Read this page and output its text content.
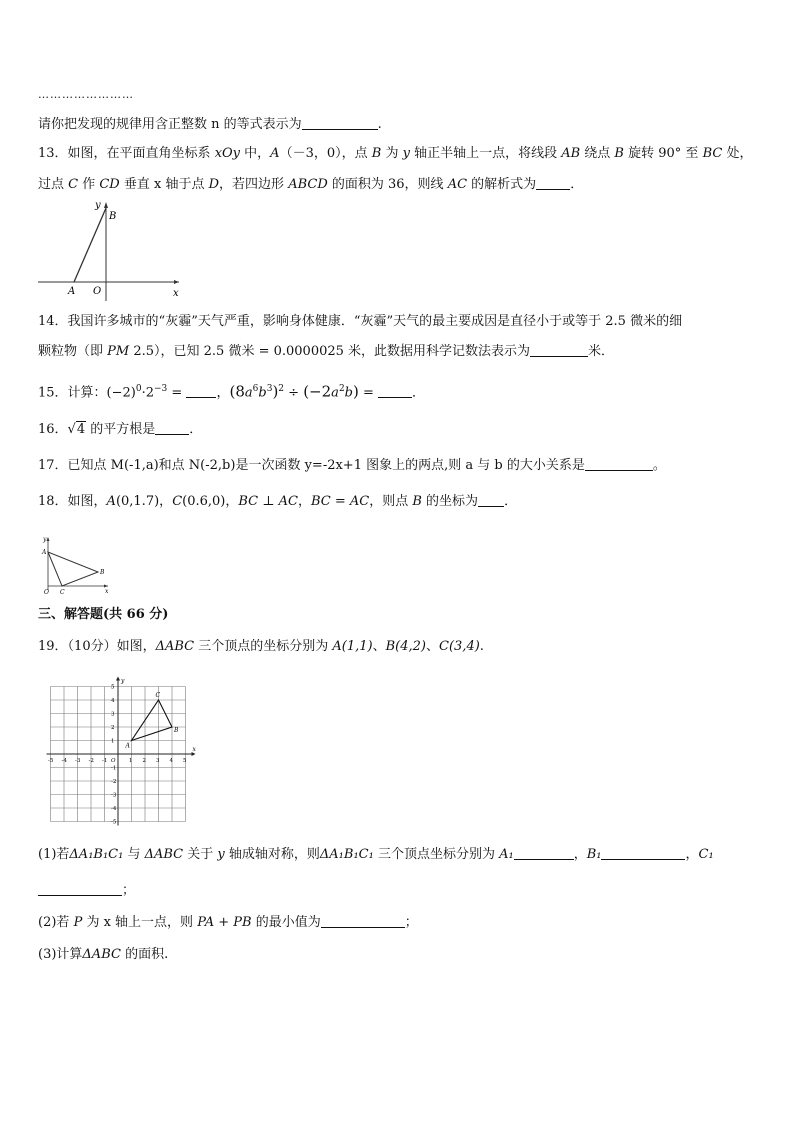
……………………
请你把发现的规律用含正整数 n 的等式表示为	.
13．如图，在平面直角坐标系 xOy 中，A（－3，0），点 B 为 y 轴正半轴上一点，将线段 AB 绕点 B 旋转 90° 至 BC 处，
过点 C 作 CD 垂直 x 轴于点 D，若四边形 ABCD 的面积为 36，则线 AC 的解析式为	．
y
B
A O	x
14．我国许多城市的“灰霾”天气严重，影响身体健康．“灰霾”天气的最主要成因是直径小于或等于 2.5 微米的细
颗粒物（即 PM 2.5），已知 2.5 微米 = 0.0000025 米，此数据用科学记数法表示为	米．
15．计算：$(-2)^0\cdot 2^{-3}$ = ，$(8a^6b^3)^2 \div (-2a^2b)$ =	．
16．√4 的平方根是	．
17．已知点 M(-1,a)和点 N(-2,b)是一次函数 y=-2x+1 图象上的两点,则 a 与 b 的大小关系是	。
18．如图，A(0,1.7)，C(0.6,0)，BC ⊥ AC，BC = AC，则点 B 的坐标为 ．
y
A
B
O C	x
三、解答题(共 66 分)
19．（10分）如图，ΔABC 三个顶点的坐标分别为 A(1,1)、B(4,2)、C(3,4).
-5 -4 -3 -2 -1 O 1 2 3 4 5
5
4
3
2
1
-1
-2
-3
-4
-5
x
y
A
B
C
(1)若ΔA₁B₁C₁ 与 ΔABC 关于 y 轴成轴对称，则ΔA₁B₁C₁ 三个顶点坐标分别为 A₁	，B₁	，C₁
；
(2)若 P 为 x 轴上一点，则 PA + PB 的最小值为	；
(3)计算ΔABC 的面积.
